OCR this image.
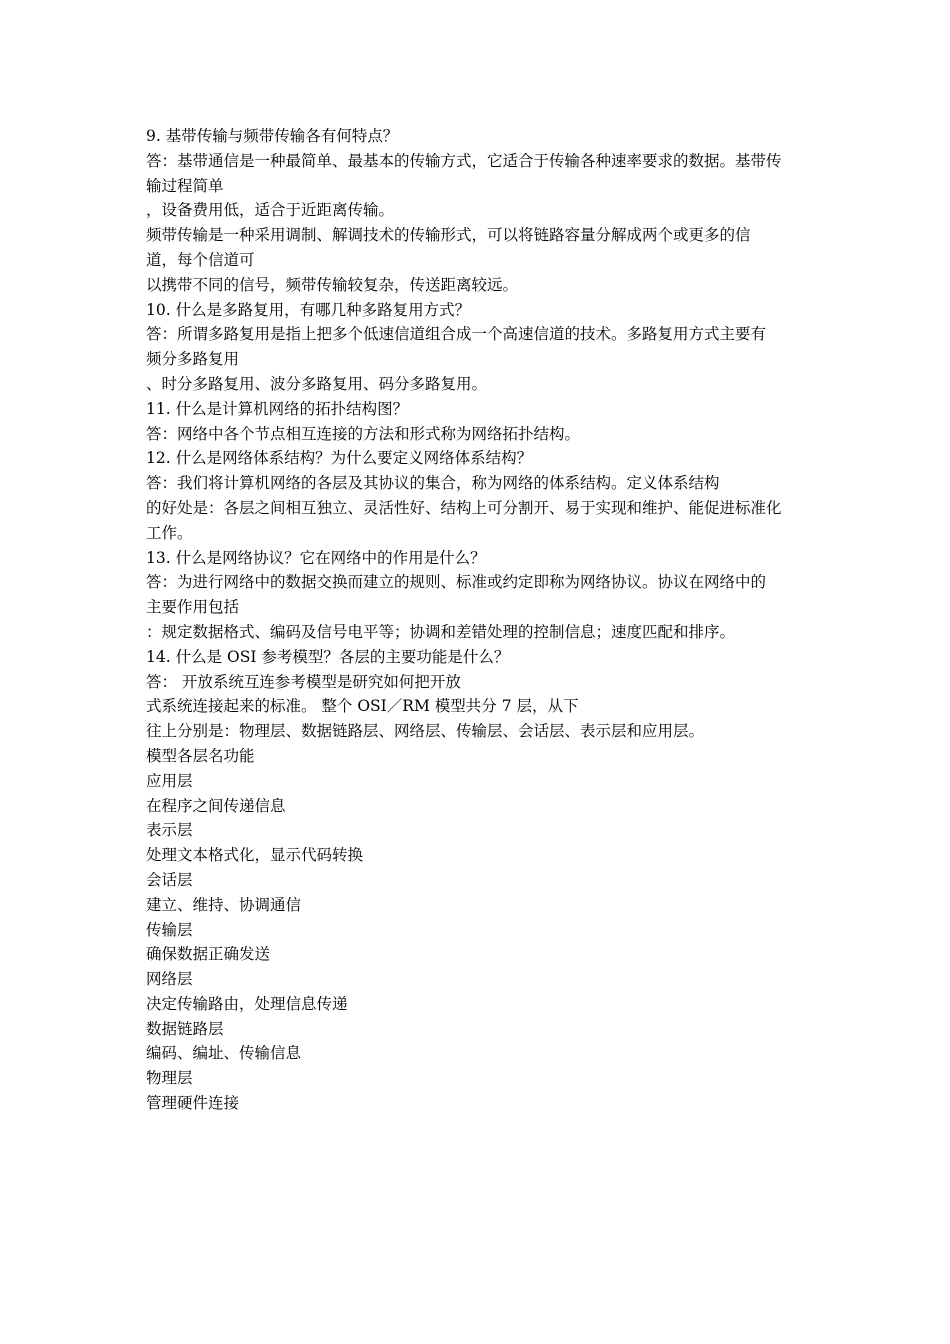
9. 基带传输与频带传输各有何特点？

答：基带通信是一种最简单、最基本的传输方式，它适合于传输各种速率要求的数据。基带传

输过程简单

，设备费用低，适合于近距离传输。

频带传输是一种采用调制、解调技术的传输形式，可以将链路容量分解成两个或更多的信

道，每个信道可

以携带不同的信号，频带传输较复杂，传送距离较远。

10. 什么是多路复用，有哪几种多路复用方式？

答：所谓多路复用是指上把多个低速信道组合成一个高速信道的技术。多路复用方式主要有

频分多路复用

、时分多路复用、波分多路复用、码分多路复用。

11. 什么是计算机网络的拓扑结构图？

答：网络中各个节点相互连接的方法和形式称为网络拓扑结构。

12. 什么是网络体系结构？为什么要定义网络体系结构？

答：我们将计算机网络的各层及其协议的集合，称为网络的体系结构。定义体系结构

的好处是：各层之间相互独立、灵活性好、结构上可分割开、易于实现和维护、能促进标准化

工作。

13. 什么是网络协议？它在网络中的作用是什么？

答：为进行网络中的数据交换而建立的规则、标准或约定即称为网络协议。协议在网络中的

主要作用包括

：规定数据格式、编码及信号电平等；协调和差错处理的控制信息；速度匹配和排序。

14. 什么是 OSI 参考模型？各层的主要功能是什么？

答： 开放系统互连参考模型是研究如何把开放

式系统连接起来的标准。 整个 OSI／RM 模型共分 7 层，从下

往上分别是：物理层、数据链路层、网络层、传输层、会话层、表示层和应用层。

模型各层名功能

应用层

在程序之间传递信息

表示层

处理文本格式化，显示代码转换

会话层

建立、维持、协调通信

传输层

确保数据正确发送

网络层

决定传输路由，处理信息传递

数据链路层

编码、编址、传输信息

物理层

管理硬件连接
